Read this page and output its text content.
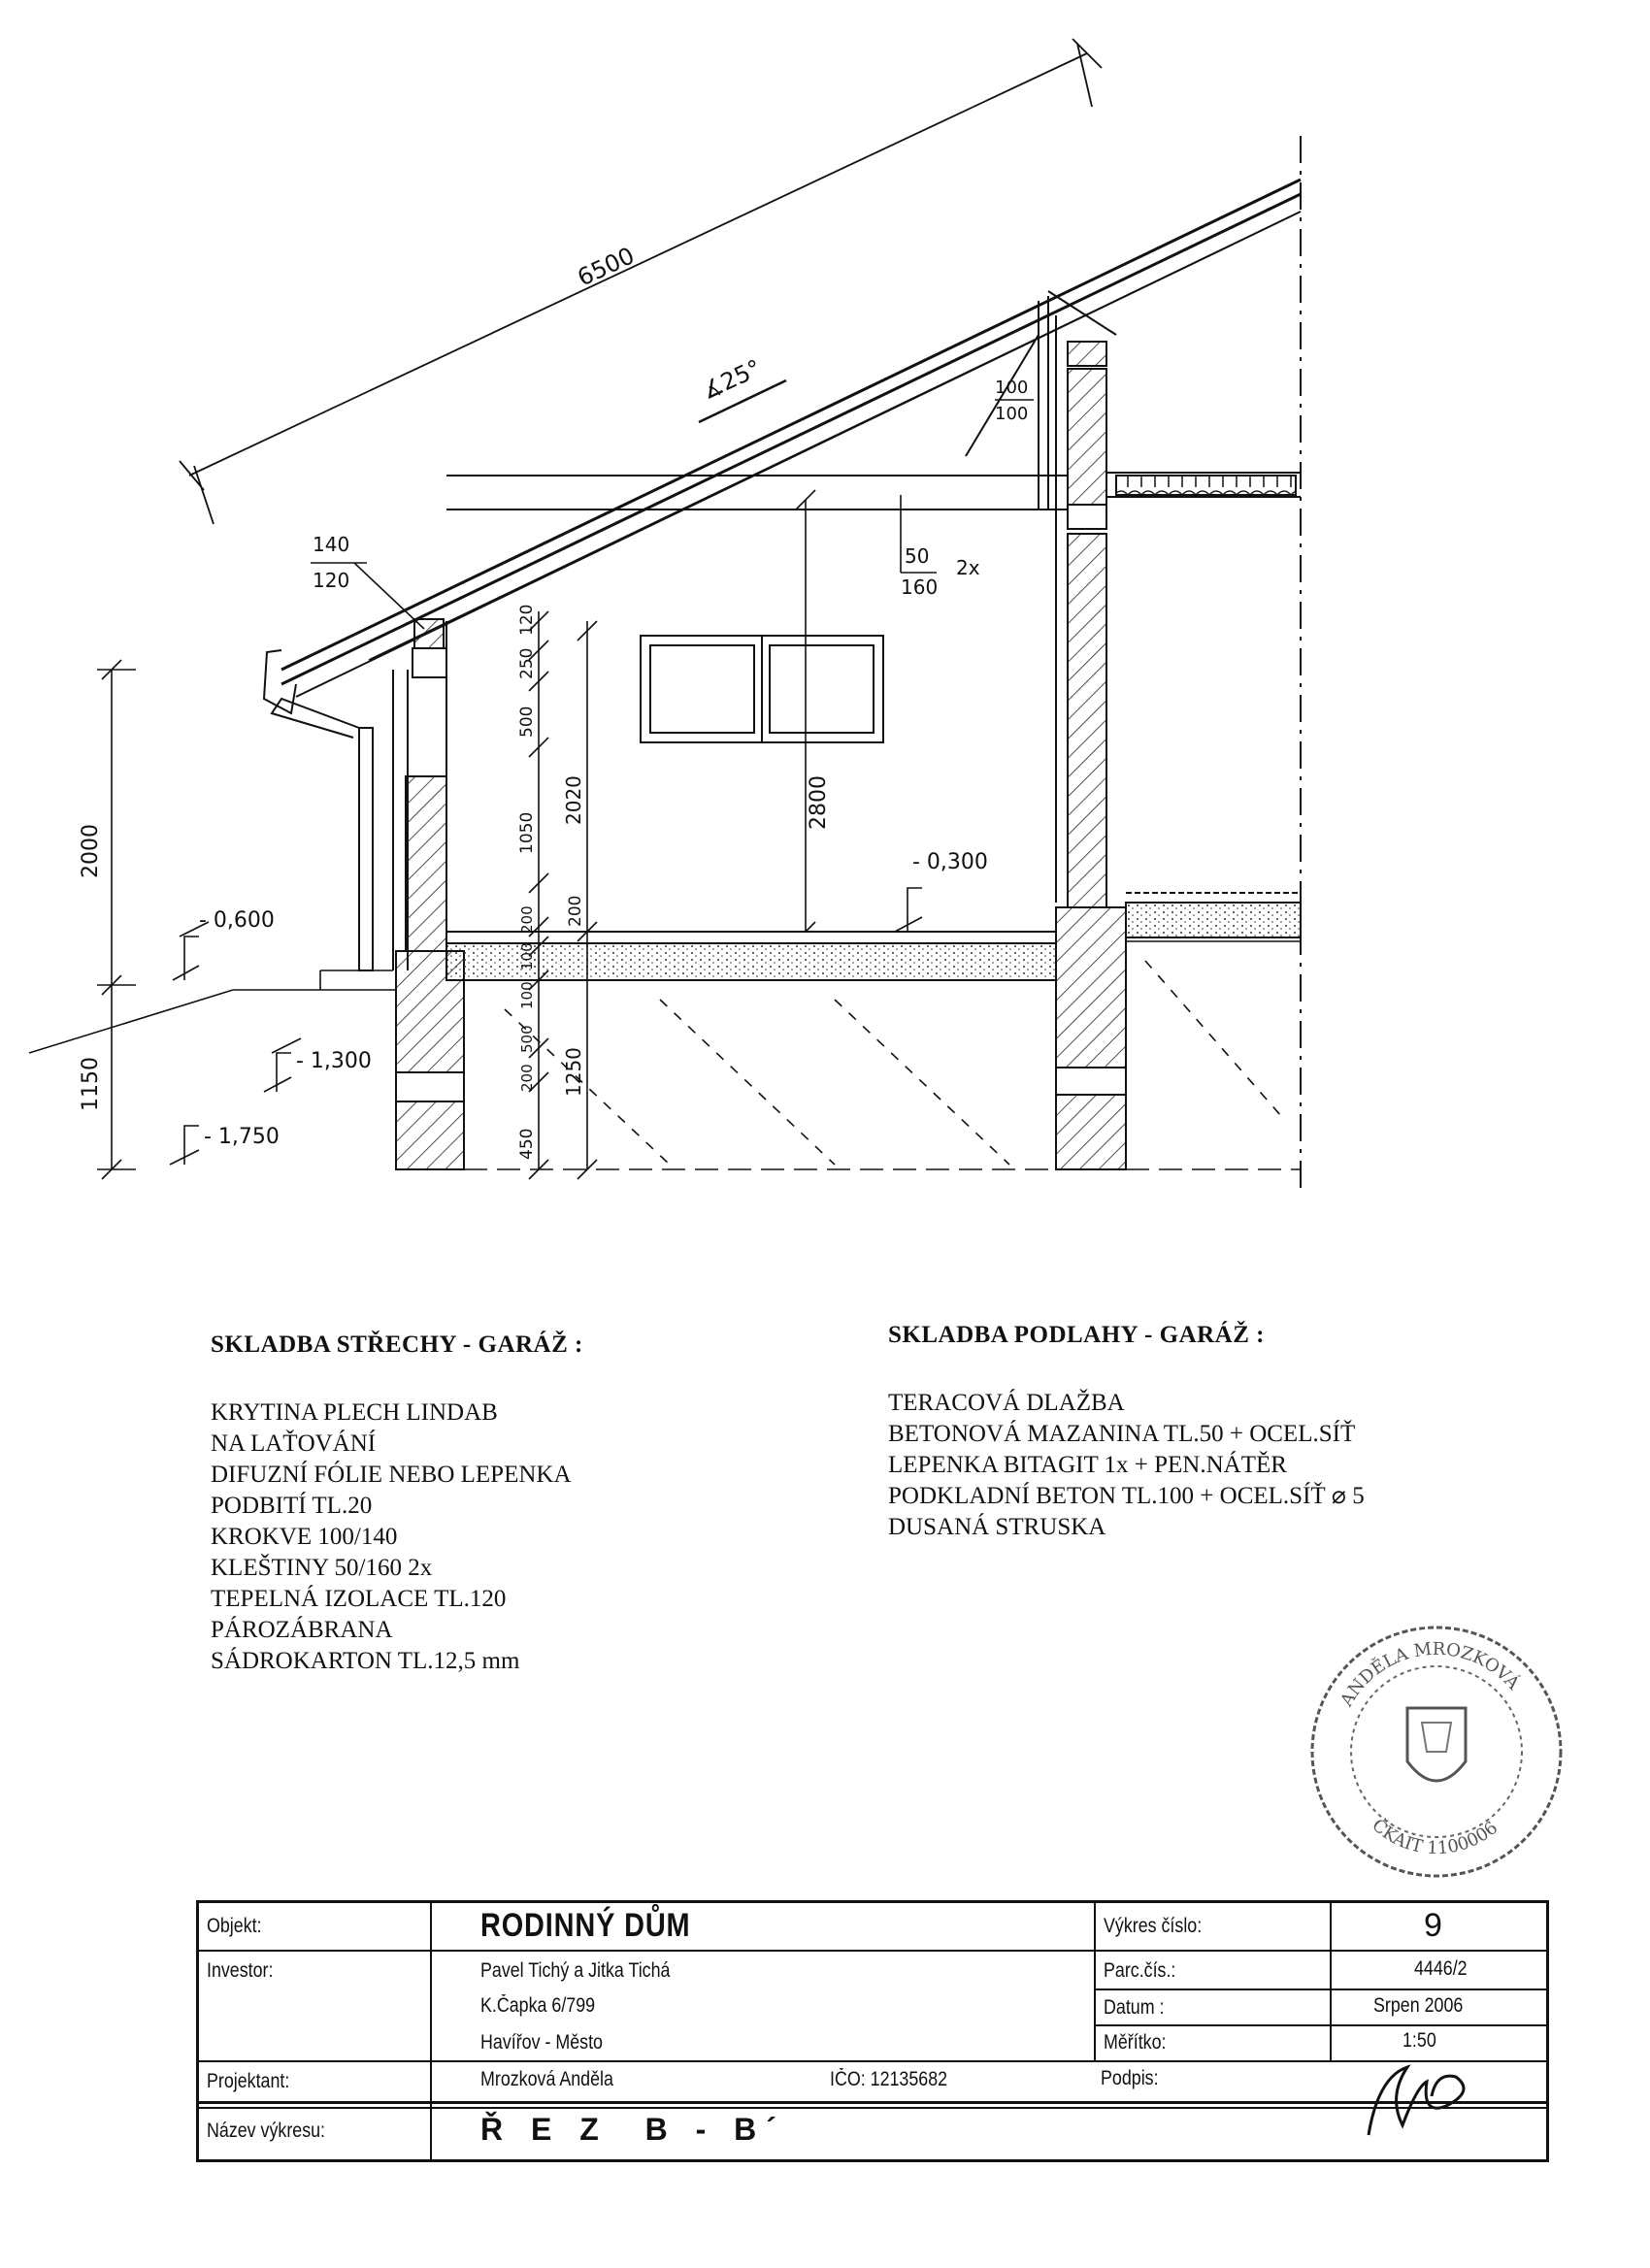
6500
∡25°
140
120
100
100
50
160
2x
2800
2000
1150
- 0,600
- 1,300
- 1,750
- 0,300
120
250
500
1050
200
100
100
500
200
450
2020
200
1250
SKLADBA STŘECHY - GARÁŽ :
KRYTINA PLECH LINDAB
NA LAŤOVÁNÍ
DIFUZNÍ FÓLIE NEBO LEPENKA
PODBITÍ TL.20
KROKVE 100/140
KLEŠTINY 50/160 2x
TEPELNÁ IZOLACE TL.120
PÁROZÁBRANA
SÁDROKARTON TL.12,5 mm
SKLADBA PODLAHY - GARÁŽ :
TERACOVÁ DLAŽBA
BETONOVÁ MAZANINA TL.50 + OCEL.SÍŤ
LEPENKA BITAGIT 1x + PEN.NÁTĚR
PODKLADNÍ BETON TL.100 + OCEL.SÍŤ ⌀ 5
DUSANÁ STRUSKA
ANDĚLA MROZKOVÁ
ČKAIT 1100006
Objekt:	RODINNÝ DŮM
Investor:	Pavel Tichý a Jitka Tichá
K.Čapka 6/799
Havířov - Město
Projektant:	Mrozková Anděla	IČO: 12135682
Výkres číslo:	9
Parc.čís.:	4446/2
Datum :	Srpen 2006
Měřítko:	1:50
Název výkresu:	Ř E Z  B - B´
Podpis:
